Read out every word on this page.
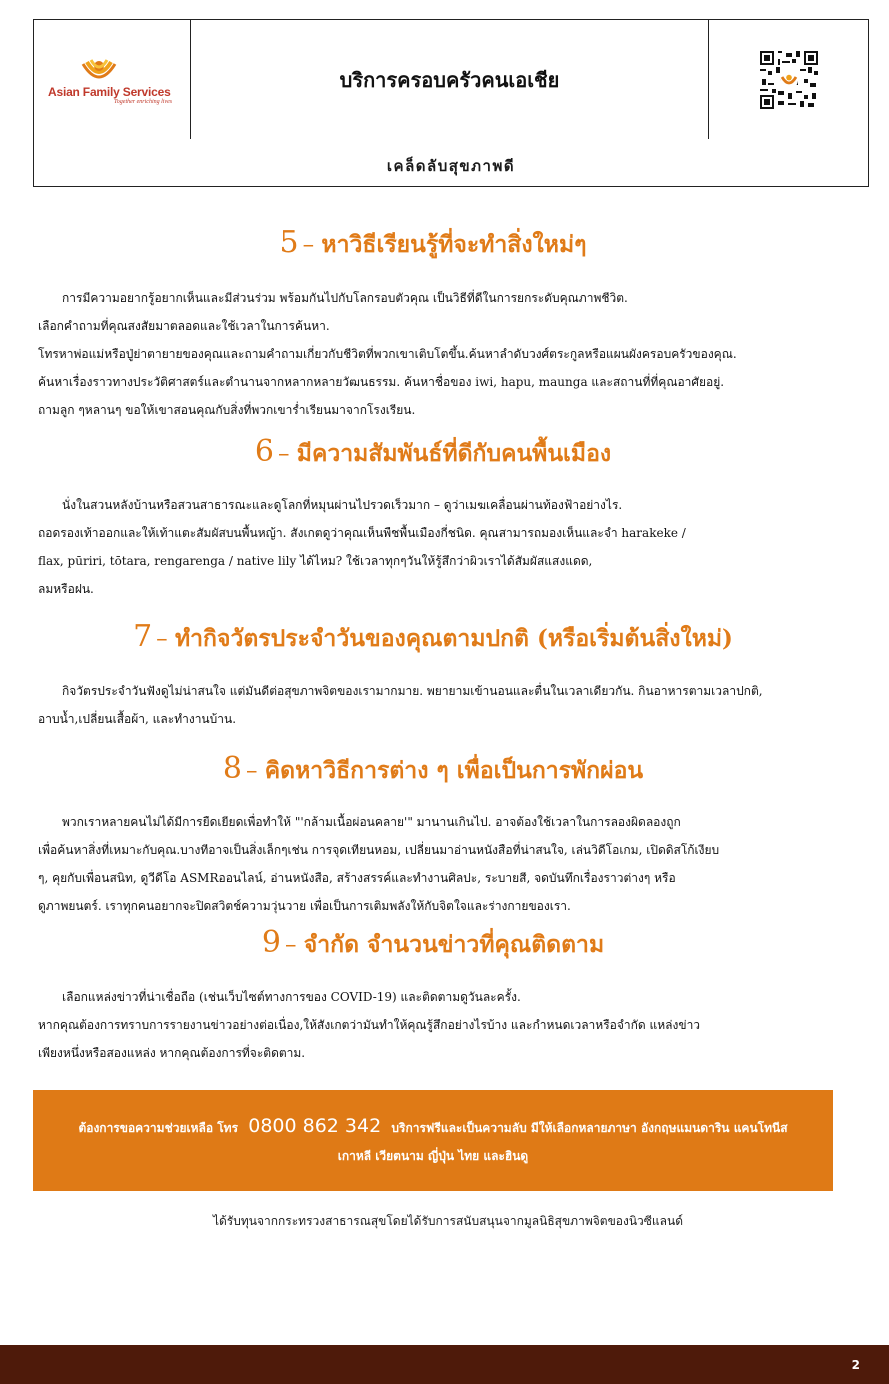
Asian Family Services
Together enriching lives
บริการครอบครัวคนเอเชีย
เคล็ดลับสุขภาพดี
5 – หาวิธีเรียนรู้ที่จะทำสิ่งใหม่ๆ
การมีความอยากรู้อยากเห็นและมีส่วนร่วม พร้อมกันไปกับโลกรอบตัวคุณ เป็นวิธีที่ดีในการยกระดับคุณภาพชีวิต.
เลือกคำถามที่คุณสงสัยมาตลอดและใช้เวลาในการค้นหา.
โทรหาพ่อแม่หรือปู่ย่าตายายของคุณและถามคำถามเกี่ยวกับชีวิตที่พวกเขาเติบโตขึ้น.ค้นหาลำดับวงศ์ตระกูลหรือแผนผังครอบครัวของคุณ.
ค้นหาเรื่องราวทางประวัติศาสตร์และตำนานจากหลากหลายวัฒนธรรม. ค้นหาชื่อของ iwi, hapu, maunga และสถานที่ที่คุณอาศัยอยู่.
ถามลูก ๆหลานๆ ขอให้เขาสอนคุณกับสิ่งที่พวกเขาร่ำเรียนมาจากโรงเรียน.
6 – มีความสัมพันธ์ที่ดีกับคนพื้นเมือง
นั่งในสวนหลังบ้านหรือสวนสาธารณะและดูโลกที่หมุนผ่านไปรวดเร็วมาก – ดูว่าเมฆเคลื่อนผ่านท้องฟ้าอย่างไร.
ถอดรองเท้าออกและให้เท้าแตะสัมผัสบนพื้นหญ้า. สังเกตดูว่าคุณเห็นพืชพื้นเมืองกี่ชนิด. คุณสามารถมองเห็นและจำ harakeke /
flax, pūriri, tōtara, rengarenga / native lily ได้ไหม? ใช้เวลาทุกๆวันให้รู้สึกว่าผิวเราได้สัมผัสแสงแดด,
ลมหรือฝน.
7 – ทำกิจวัตรประจำวันของคุณตามปกติ (หรือเริ่มต้นสิ่งใหม่)
กิจวัตรประจำวันฟังดูไม่น่าสนใจ แต่มันดีต่อสุขภาพจิตของเรามากมาย. พยายามเข้านอนและตื่นในเวลาเดียวกัน. กินอาหารตามเวลาปกติ,
อาบน้ำ,เปลี่ยนเสื้อผ้า, และทำงานบ้าน.
8 – คิดหาวิธีการต่าง ๆ เพื่อเป็นการพักผ่อน
พวกเราหลายคนไม่ได้มีการยืดเยียดเพื่อทำให้ "'กล้ามเนื้อผ่อนคลาย'" มานานเกินไป. อาจต้องใช้เวลาในการลองผิดลองถูก
เพื่อค้นหาสิ่งที่เหมาะกับคุณ.บางทีอาจเป็นสิ่งเล็กๆเช่น การจุดเทียนหอม, เปลี่ยนมาอ่านหนังสือที่น่าสนใจ, เล่นวิดีโอเกม, เปิดดิสโก้เงียบ
ๆ, คุยกับเพื่อนสนิท, ดูวีดีโอ ASMRออนไลน์, อ่านหนังสือ, สร้างสรรค์และทำงานศิลปะ, ระบายสี, จดบันทึกเรื่องราวต่างๆ หรือ
ดูภาพยนตร์. เราทุกคนอยากจะปิดสวิตช์ความวุ่นวาย เพื่อเป็นการเติมพลังให้กับจิตใจและร่างกายของเรา.
9 – จำกัด จำนวนข่าวที่คุณติดตาม
เลือกแหล่งข่าวที่น่าเชื่อถือ (เช่นเว็บไซต์ทางการของ COVID-19) และติดตามดูวันละครั้ง.
หากคุณต้องการทราบการรายงานข่าวอย่างต่อเนื่อง,ให้สังเกตว่ามันทำให้คุณรู้สึกอย่างไรบ้าง และกำหนดเวลาหรือจำกัด แหล่งข่าว
เพียงหนึ่งหรือสองแหล่ง หากคุณต้องการที่จะติดตาม.
ต้องการขอความช่วยเหลือ โทร 0800 862 342 บริการฟรีและเป็นความลับ มีให้เลือกหลายภาษา อังกฤษแมนดาริน แคนโทนีส
เกาหลี เวียตนาม ญี่ปุ่น ไทย และฮินดู
ได้รับทุนจากกระทรวงสาธารณสุขโดยได้รับการสนับสนุนจากมูลนิธิสุขภาพจิตของนิวซีแลนด์
2
